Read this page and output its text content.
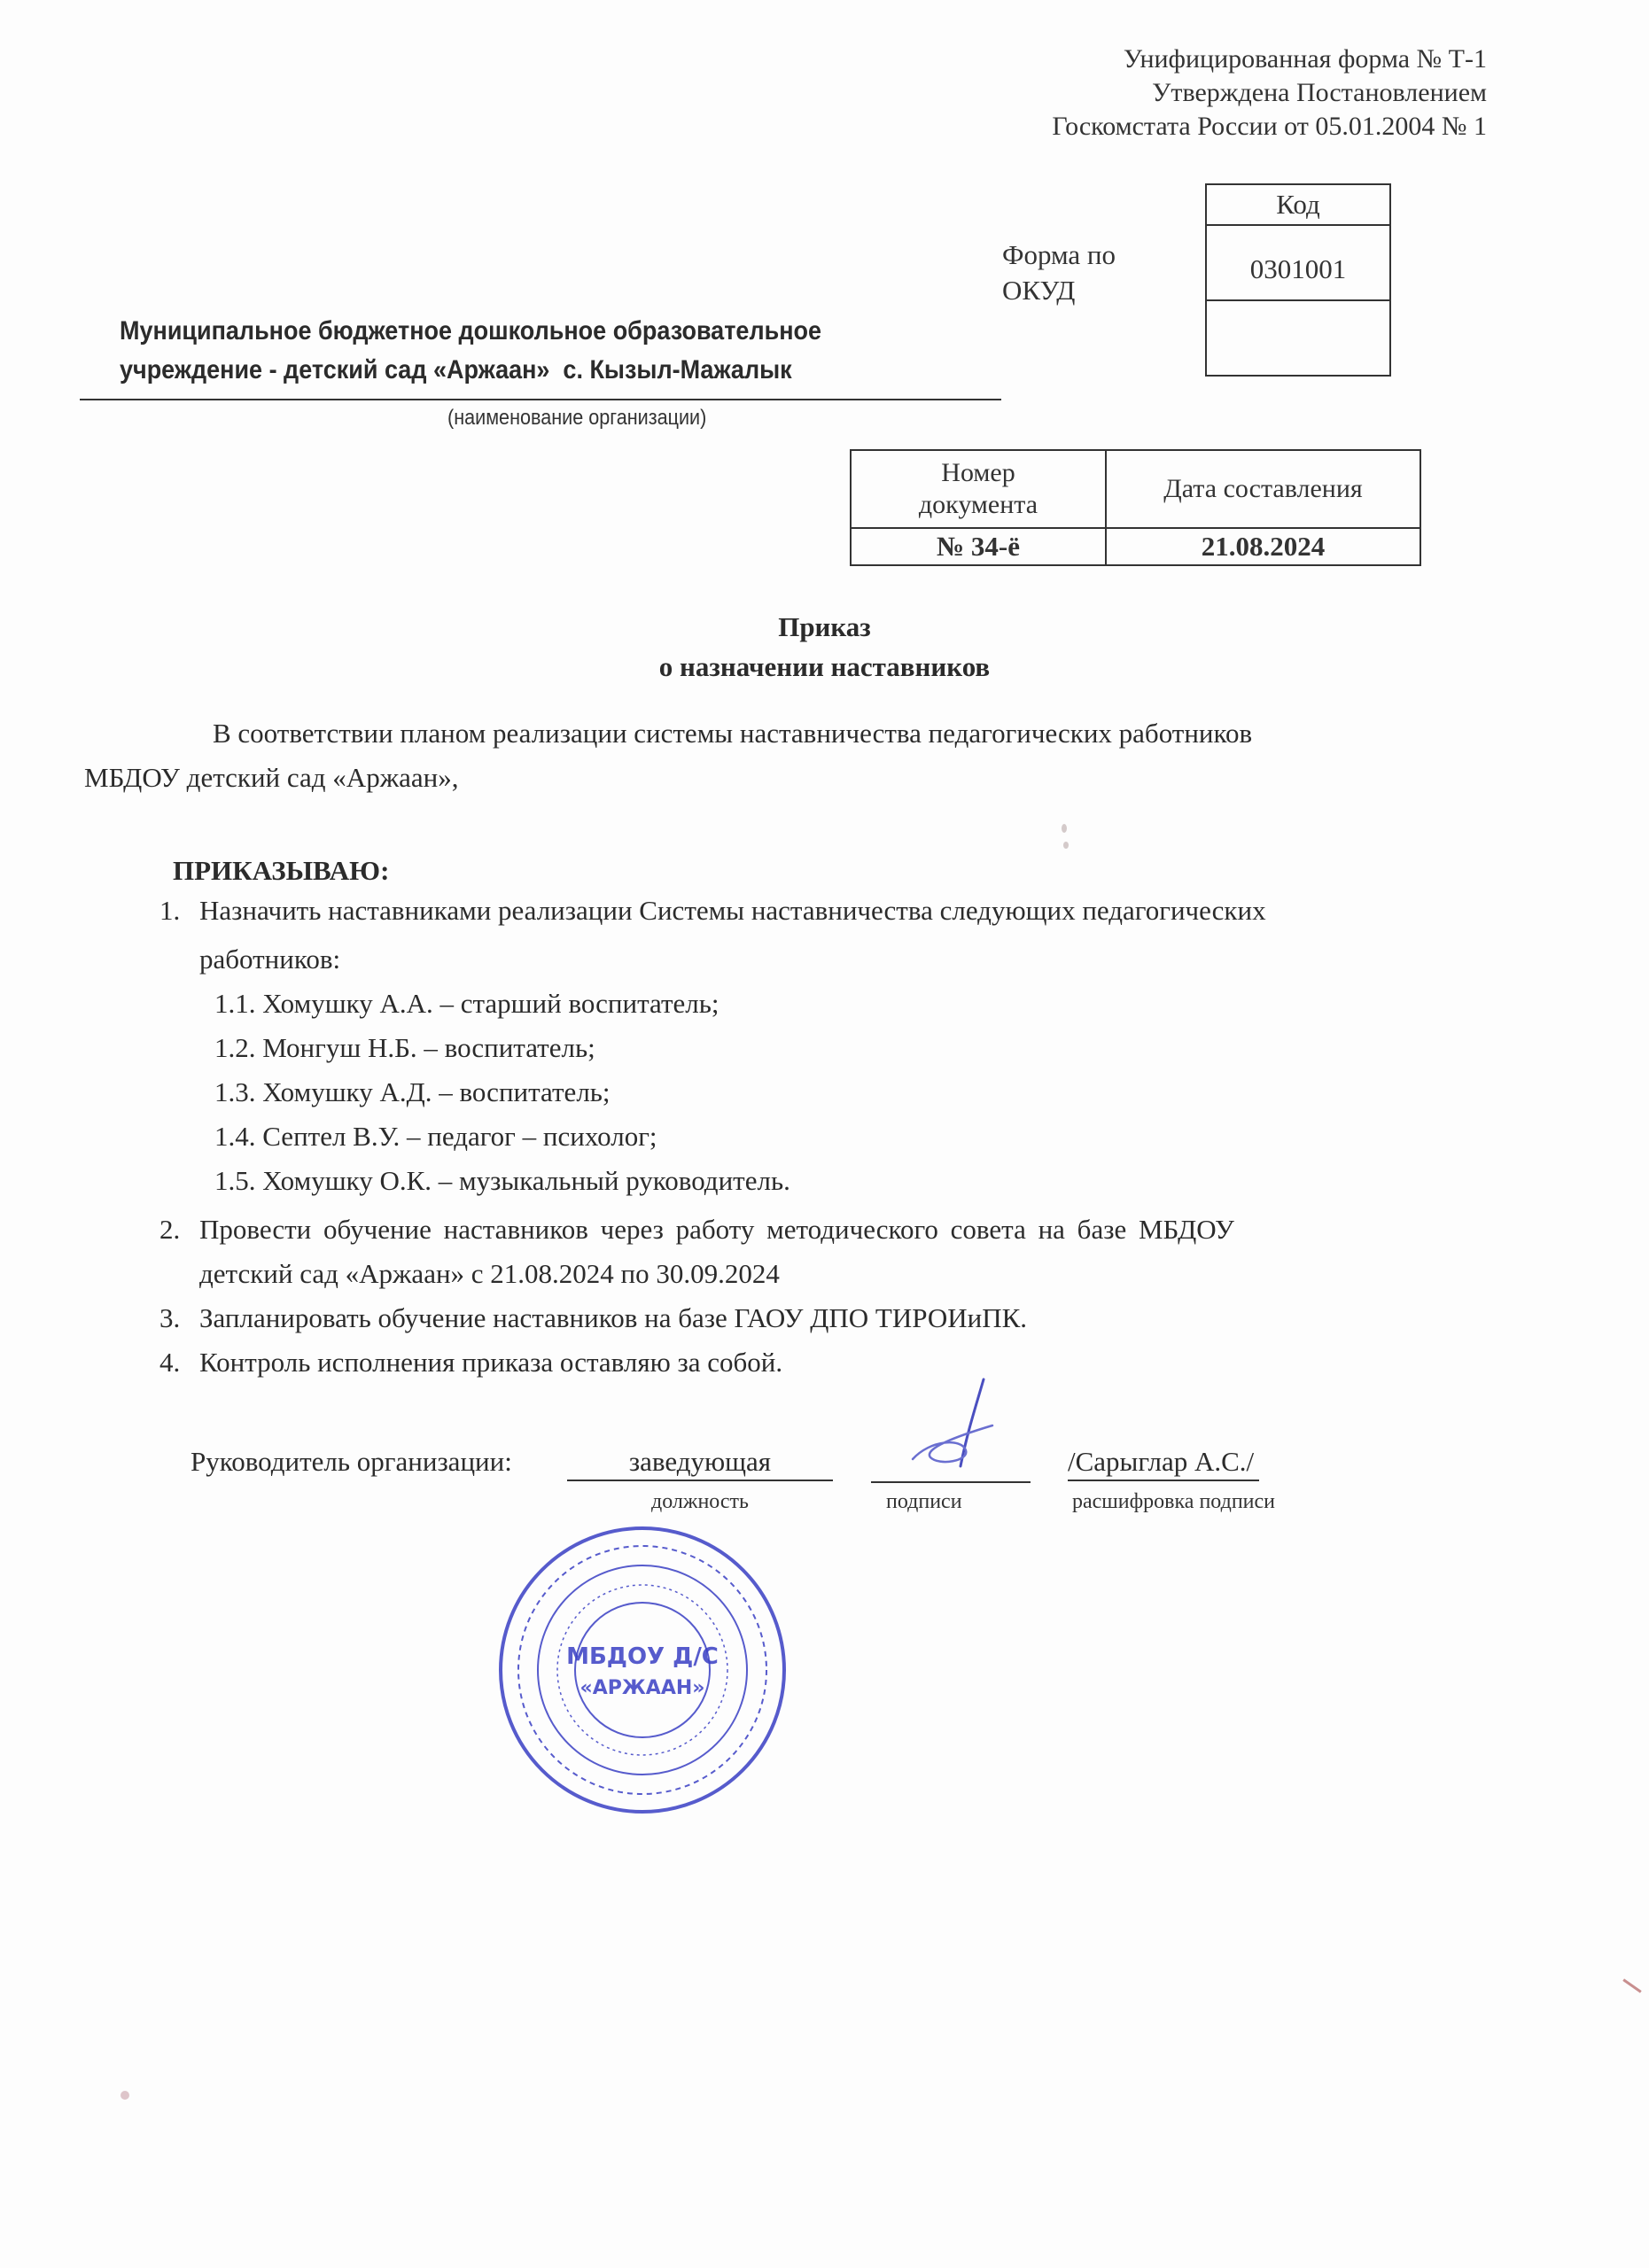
Унифицированная форма № Т-1
Утверждена Постановлением
Госкомстата России от 05.01.2004 № 1
Форма по
ОКУД
Код
0301001
Муниципальное бюджетное дошкольное образовательное
учреждение - детский сад «Аржаан»  с. Кызыл-Мажалык
(наименование организации)
Номер
документа	Дата составления
№ 34-ё	21.08.2024
Приказ
о назначении наставников
В соответствии планом реализации системы наставничества педагогических работников
МБДОУ детский сад «Аржаан»,
ПРИКАЗЫВАЮ:
1. Назначить наставниками реализации Системы наставничества следующих педагогических
работников:
1.1. Хомушку А.А. – старший воспитатель;
1.2. Монгуш Н.Б. – воспитатель;
1.3. Хомушку А.Д. – воспитатель;
1.4. Септел В.У. – педагог – психолог;
1.5. Хомушку О.К. – музыкальный руководитель.
2. Провести обучение наставников через работу методического совета на базе МБДОУ
детский сад «Аржаан» с 21.08.2024 по 30.09.2024
3. Запланировать обучение наставников на базе ГАОУ ДПО ТИРОИиПК.
4. Контроль исполнения приказа оставляю за собой.
Руководитель организации:	заведующая
должность	подписи
/Сарыглар А.С./
расшифровка подписи
МБДОУ Д/С
«АРЖААН»
